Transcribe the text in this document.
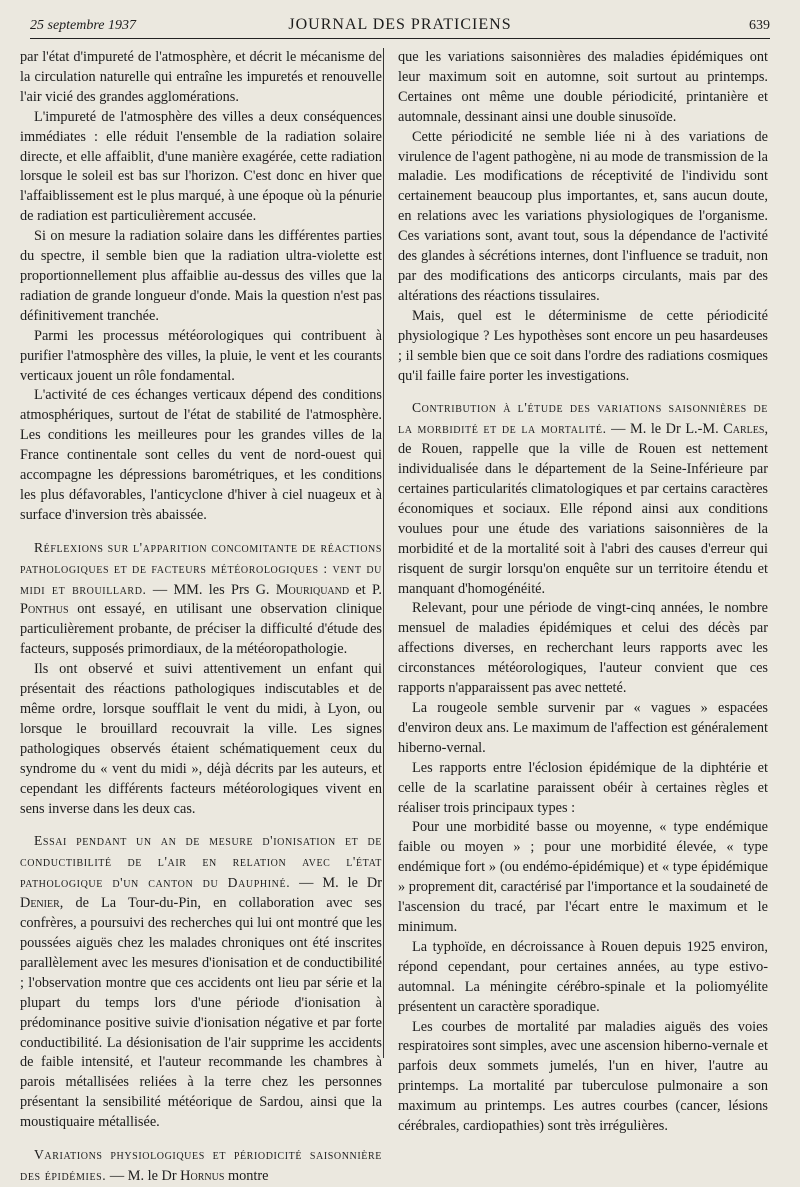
25 septembre 1937	JOURNAL DES PRATICIENS	639

par l'état d'impureté de l'atmosphère, et décrit le mécanisme de la circulation naturelle qui entraîne les impuretés et renouvelle l'air vicié des grandes agglomérations.

L'impureté de l'atmosphère des villes a deux conséquences immédiates : elle réduit l'ensemble de la radiation solaire directe, et elle affaiblit, d'une manière exagérée, cette radiation lorsque le soleil est bas sur l'horizon. C'est donc en hiver que l'affaiblissement est le plus marqué, à une époque où la pénurie de radiation est particulièrement accusée.

Si on mesure la radiation solaire dans les différentes parties du spectre, il semble bien que la radiation ultra-violette est proportionnellement plus affaiblie au-dessus des villes que la radiation de grande longueur d'onde. Mais la question n'est pas définitivement tranchée.

Parmi les processus météorologiques qui contribuent à purifier l'atmosphère des villes, la pluie, le vent et les courants verticaux jouent un rôle fondamental.

L'activité de ces échanges verticaux dépend des conditions atmosphériques, surtout de l'état de stabilité de l'atmosphère. Les conditions les meilleures pour les grandes villes de la France continentale sont celles du vent de nord-ouest qui accompagne les dépressions barométriques, et les conditions les plus défavorables, l'anticyclone d'hiver à ciel nuageux et à surface d'inversion très abaissée.

Réflexions sur l'apparition concomitante de réactions pathologiques et de facteurs météorologiques : vent du midi et brouillard. — MM. les Prs G. Mouriquand et P. Ponthus ont essayé, en utilisant une observation clinique particulièrement probante, de préciser la difficulté d'étude des facteurs, supposés primordiaux, de la météoropathologie.

Ils ont observé et suivi attentivement un enfant qui présentait des réactions pathologiques indiscutables et de même ordre, lorsque soufflait le vent du midi, à Lyon, ou lorsque le brouillard recouvrait la ville. Les signes pathologiques observés étaient schématiquement ceux du syndrome du « vent du midi », déjà décrits par les auteurs, et cependant les différents facteurs météorologiques vivent en sens inverse dans les deux cas.

Essai pendant un an de mesure d'ionisation et de conductibilité de l'air en relation avec l'état pathologique d'un canton du Dauphiné. — M. le Dr Denier, de La Tour-du-Pin, en collaboration avec ses confrères, a poursuivi des recherches qui lui ont montré que les poussées aiguës chez les malades chroniques ont été inscrites parallèlement avec les mesures d'ionisation et de conductibilité ; l'observation montre que ces accidents ont lieu par série et la plupart du temps lors d'une période d'ionisation à prédominance positive suivie d'ionisation négative et par forte conductibilité. La désionisation de l'air supprime les accidents de faible intensité, et l'auteur recommande les chambres à parois métallisées reliées à la terre chez les personnes présentant la sensibilité météorique de Sardou, ainsi que la moustiquaire métallisée.

Variations physiologiques et périodicité saisonnière des épidémies. — M. le Dr Hornus montre

que les variations saisonnières des maladies épidémiques ont leur maximum soit en automne, soit surtout au printemps. Certaines ont même une double périodicité, printanière et automnale, dessinant ainsi une double sinusoïde.

Cette périodicité ne semble liée ni à des variations de virulence de l'agent pathogène, ni au mode de transmission de la maladie. Les modifications de réceptivité de l'individu sont certainement beaucoup plus importantes, et, sans aucun doute, en relations avec les variations physiologiques de l'organisme. Ces variations sont, avant tout, sous la dépendance de l'activité des glandes à sécrétions internes, dont l'influence se traduit, non par des modifications des anticorps circulants, mais par des altérations des réactions tissulaires.

Mais, quel est le déterminisme de cette périodicité physiologique ? Les hypothèses sont encore un peu hasardeuses ; il semble bien que ce soit dans l'ordre des radiations cosmiques qu'il faille faire porter les investigations.

Contribution à l'étude des variations saisonnières de la morbidité et de la mortalité. — M. le Dr L.-M. Carles, de Rouen, rappelle que la ville de Rouen est nettement individualisée dans le département de la Seine-Inférieure par certaines particularités climatologiques et par certains caractères économiques et sociaux. Elle répond ainsi aux conditions voulues pour une étude des variations saisonnières de la morbidité et de la mortalité soit à l'abri des causes d'erreur qui risquent de surgir lorsqu'on enquête sur un territoire étendu et manquant d'homogénéité.

Relevant, pour une période de vingt-cinq années, le nombre mensuel de maladies épidémiques et celui des décès par affections diverses, en recherchant leurs rapports avec les circonstances météorologiques, l'auteur convient que ces rapports n'apparaissent pas avec netteté.

La rougeole semble survenir par « vagues » espacées d'environ deux ans. Le maximum de l'affection est généralement hiberno-vernal.

Les rapports entre l'éclosion épidémique de la diphtérie et celle de la scarlatine paraissent obéir à certaines règles et réaliser trois principaux types :

Pour une morbidité basse ou moyenne, « type endémique faible ou moyen » ; pour une morbidité élevée, « type endémique fort » (ou endémo-épidémique) et « type épidémique » proprement dit, caractérisé par l'importance et la soudaineté de l'ascension du tracé, par l'écart entre le maximum et le minimum.

La typhoïde, en décroissance à Rouen depuis 1925 environ, répond cependant, pour certaines années, au type estivo-automnal. La méningite cérébro-spinale et la poliomyélite présentent un caractère sporadique.

Les courbes de mortalité par maladies aiguës des voies respiratoires sont simples, avec une ascension hiberno-vernale et parfois deux sommets jumelés, l'un en hiver, l'autre au printemps. La mortalité par tuberculose pulmonaire a son maximum au printemps. Les autres courbes (cancer, lésions cérébrales, cardiopathies) sont très irrégulières.
